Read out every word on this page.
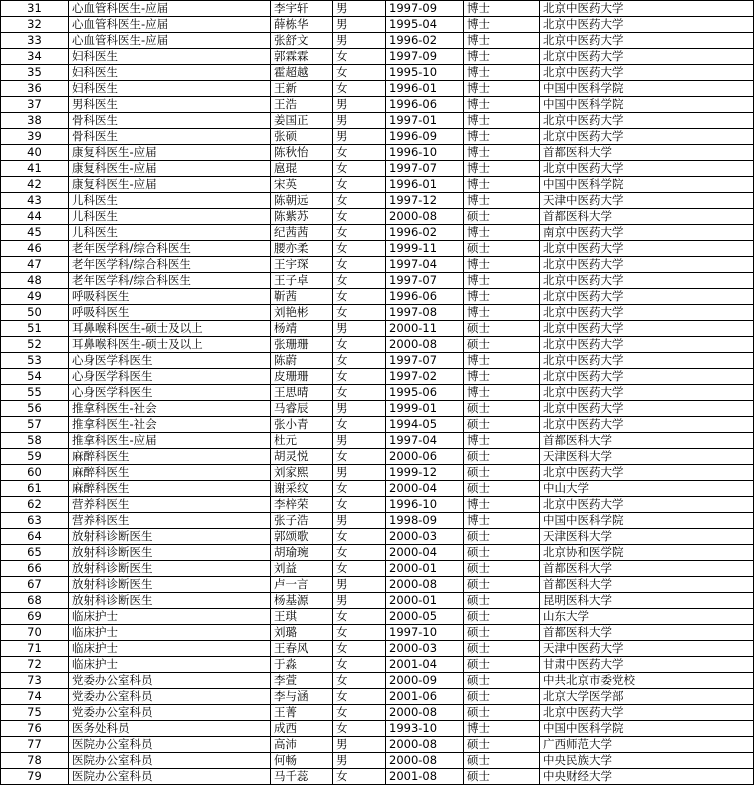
31	心血管科医生-应届	李宇轩	男	1997-09	博士	北京中医药大学
32	心血管科医生-应届	薛栋华	男	1995-04	博士	北京中医药大学
33	心血管科医生-应届	张舒文	男	1996-02	博士	北京中医药大学
34	妇科医生	郭霖霖	女	1997-09	博士	北京中医药大学
35	妇科医生	霍超越	女	1995-10	博士	北京中医药大学
36	妇科医生	王新	女	1996-01	博士	中国中医科学院
37	男科医生	王浩	男	1996-06	博士	中国中医科学院
38	骨科医生	姜国正	男	1997-01	博士	北京中医药大学
39	骨科医生	张硕	男	1996-09	博士	北京中医药大学
40	康复科医生-应届	陈秋怡	女	1996-10	博士	首都医科大学
41	康复科医生-应届	扈琨	女	1997-07	博士	北京中医药大学
42	康复科医生-应届	宋英	女	1996-01	博士	中国中医科学院
43	儿科医生	陈朝远	女	1997-12	博士	天津中医药大学
44	儿科医生	陈紫苏	女	2000-08	硕士	首都医科大学
45	儿科医生	纪茜茜	女	1996-02	博士	南京中医药大学
46	老年医学科/综合科医生	腰亦柔	女	1999-11	硕士	北京中医药大学
47	老年医学科/综合科医生	王宇琛	女	1997-04	博士	北京中医药大学
48	老年医学科/综合科医生	王子卓	女	1997-07	博士	北京中医药大学
49	呼吸科医生	靳茜	女	1996-06	博士	北京中医药大学
50	呼吸科医生	刘艳彬	女	1997-08	博士	北京中医药大学
51	耳鼻喉科医生-硕士及以上	杨靖	男	2000-11	硕士	北京中医药大学
52	耳鼻喉科医生-硕士及以上	张珊珊	女	2000-08	硕士	北京中医药大学
53	心身医学科医生	陈蔚	女	1997-07	博士	北京中医药大学
54	心身医学科医生	皮珊珊	女	1997-02	博士	北京中医药大学
55	心身医学科医生	王思晴	女	1995-06	博士	北京中医药大学
56	推拿科医生-社会	马睿辰	男	1999-01	硕士	北京中医药大学
57	推拿科医生-社会	张小青	女	1994-05	硕士	北京中医药大学
58	推拿科医生-应届	杜元	男	1997-04	博士	首都医科大学
59	麻醉科医生	胡灵悦	女	2000-06	硕士	天津医科大学
60	麻醉科医生	刘家熙	男	1999-12	硕士	北京中医药大学
61	麻醉科医生	谢采纹	女	2000-04	硕士	中山大学
62	营养科医生	李梓荣	女	1996-10	博士	北京中医药大学
63	营养科医生	张子浩	男	1998-09	博士	中国中医科学院
64	放射科诊断医生	郭颂歌	女	2000-03	硕士	天津医科大学
65	放射科诊断医生	胡瑜琬	女	2000-04	硕士	北京协和医学院
66	放射科诊断医生	刘益	女	2000-01	硕士	首都医科大学
67	放射科诊断医生	卢一言	男	2000-08	硕士	首都医科大学
68	放射科诊断医生	杨基源	男	2000-01	硕士	昆明医科大学
69	临床护士	王琪	女	2000-05	硕士	山东大学
70	临床护士	刘璐	女	1997-10	硕士	首都医科大学
71	临床护士	王春风	女	2000-03	硕士	天津中医药大学
72	临床护士	于淼	女	2001-04	硕士	甘肃中医药大学
73	党委办公室科员	李萱	女	2000-09	硕士	中共北京市委党校
74	党委办公室科员	李与涵	女	2001-06	硕士	北京大学医学部
75	党委办公室科员	王菁	女	2000-08	硕士	北京中医药大学
76	医务处科员	成西	女	1993-10	博士	中国中医科学院
77	医院办公室科员	高沛	男	2000-08	硕士	广西师范大学
78	医院办公室科员	何畅	男	2000-08	硕士	中央民族大学
79	医院办公室科员	马千蕊	女	2001-08	硕士	中央财经大学
